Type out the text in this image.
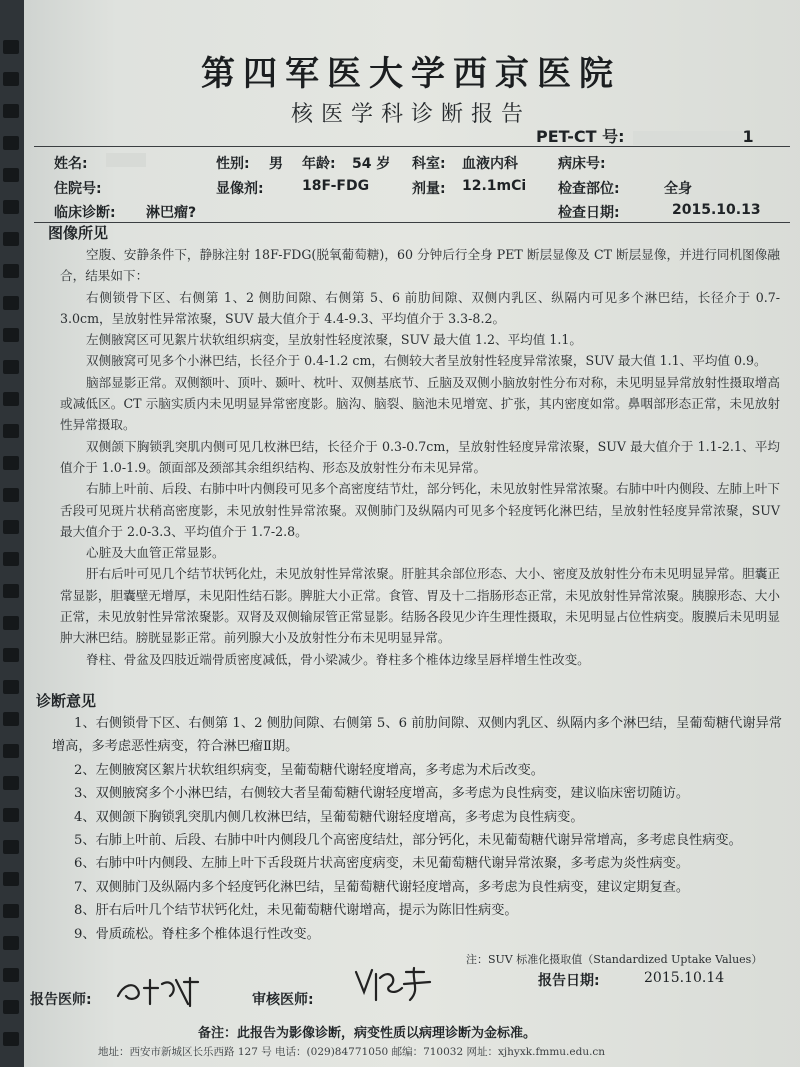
第四军医大学西京医院
核医学科诊断报告
PET-CT 号:	1
姓名:	性别: 男 年龄: 54 岁 科室: 血液内科	病床号:
住院号:	显像剂:	18F-FDG	剂量: 12.1mCi 检查部位:	全身
临床诊断: 淋巴瘤?	检查日期:	2015.10.13
图像所见

空腹、安静条件下，静脉注射 18F-FDG(脱氧葡萄糖)，60 分钟后行全身 PET 断层显像及 CT 断层显像，并进行同机图像融合，结果如下：

右侧锁骨下区、右侧第 1、2 侧肋间隙、右侧第 5、6 前肋间隙、双侧内乳区、纵隔内可见多个淋巴结，长径介于 0.7-3.0cm，呈放射性异常浓聚，SUV 最大值介于 4.4-9.3、平均值介于 3.3-8.2。

左侧腋窝区可见絮片状软组织病变，呈放射性轻度浓聚，SUV 最大值 1.2、平均值 1.1。

双侧腋窝可见多个小淋巴结，长径介于 0.4-1.2 cm，右侧较大者呈放射性轻度异常浓聚，SUV 最大值 1.1、平均值 0.9。

脑部显影正常。双侧额叶、顶叶、颞叶、枕叶、双侧基底节、丘脑及双侧小脑放射性分布对称，未见明显异常放射性摄取增高或减低区。CT 示脑实质内未见明显异常密度影。脑沟、脑裂、脑池未见增宽、扩张，其内密度如常。鼻咽部形态正常，未见放射性异常摄取。

双侧颌下胸锁乳突肌内侧可见几枚淋巴结，长径介于 0.3-0.7cm，呈放射性轻度异常浓聚，SUV 最大值介于 1.1-2.1、平均值介于 1.0-1.9。颌面部及颈部其余组织结构、形态及放射性分布未见异常。

右肺上叶前、后段、右肺中叶内侧段可见多个高密度结节灶，部分钙化，未见放射性异常浓聚。右肺中叶内侧段、左肺上叶下舌段可见斑片状稍高密度影，未见放射性异常浓聚。双侧肺门及纵隔内可见多个轻度钙化淋巴结，呈放射性轻度异常浓聚，SUV 最大值介于 2.0-3.3、平均值介于 1.7-2.8。

心脏及大血管正常显影。

肝右后叶可见几个结节状钙化灶，未见放射性异常浓聚。肝脏其余部位形态、大小、密度及放射性分布未见明显异常。胆囊正常显影，胆囊壁无增厚，未见阳性结石影。脾脏大小正常。食管、胃及十二指肠形态正常，未见放射性异常浓聚。胰腺形态、大小正常，未见放射性异常浓聚影。双肾及双侧输尿管正常显影。结肠各段见少许生理性摄取，未见明显占位性病变。腹膜后未见明显肿大淋巴结。膀胱显影正常。前列腺大小及放射性分布未见明显异常。

脊柱、骨盆及四肢近端骨质密度减低，骨小梁减少。脊柱多个椎体边缘呈唇样增生性改变。

诊断意见

1、右侧锁骨下区、右侧第 1、2 侧肋间隙、右侧第 5、6 前肋间隙、双侧内乳区、纵隔内多个淋巴结，呈葡萄糖代谢异常增高，多考虑恶性病变，符合淋巴瘤Ⅱ期。

2、左侧腋窝区絮片状软组织病变，呈葡萄糖代谢轻度增高，多考虑为术后改变。

3、双侧腋窝多个小淋巴结，右侧较大者呈葡萄糖代谢轻度增高，多考虑为良性病变，建议临床密切随访。

4、双侧颌下胸锁乳突肌内侧几枚淋巴结，呈葡萄糖代谢轻度增高，多考虑为良性病变。

5、右肺上叶前、后段、右肺中叶内侧段几个高密度结灶，部分钙化，未见葡萄糖代谢异常增高，多考虑良性病变。

6、右肺中叶内侧段、左肺上叶下舌段斑片状高密度病变，未见葡萄糖代谢异常浓聚，多考虑为炎性病变。

7、双侧肺门及纵隔内多个轻度钙化淋巴结，呈葡萄糖代谢轻度增高，多考虑为良性病变，建议定期复查。

8、肝右后叶几个结节状钙化灶，未见葡萄糖代谢增高，提示为陈旧性病变。

9、骨质疏松。脊柱多个椎体退行性改变。

注：SUV 标准化摄取值（Standardized Uptake Values）
报告医师:	审核医师:
报告日期:	2015.10.14
备注：此报告为影像诊断，病变性质以病理诊断为金标准。
地址：西安市新城区长乐西路 127 号 电话：(029)84771050 邮编：710032 网址：xjhyxk.fmmu.edu.cn
